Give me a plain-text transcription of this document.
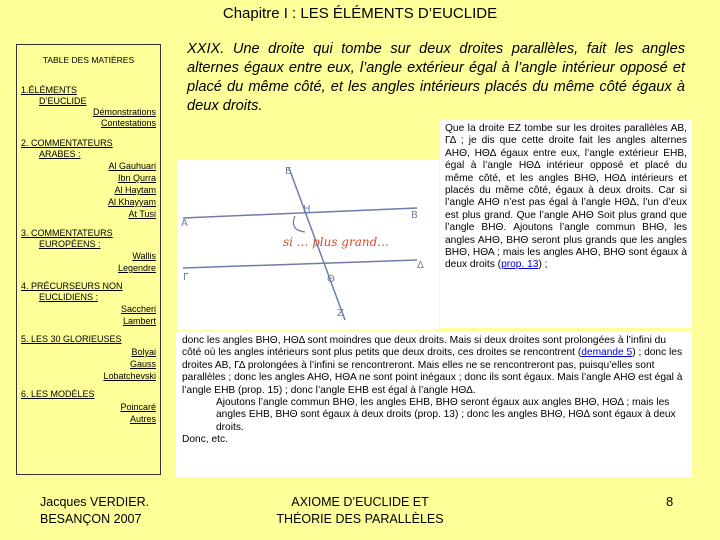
Chapitre I : LES ÉLÉMENTS D’EUCLIDE
TABLE DES MATIÈRES
1.ÉLÉMENTS
D’EUCLIDE
Démonstrations
Contestations
2. COMMENTATEURS
ARABES :
Al Gauhuari
Ibn Qurra
Al Haytam
Al Khayyam
At Tusi
3. COMMENTATEURS
EUROPÉENS :
Wallis
Legendre
4. PRÉCURSEURS NON
EUCLIDIENS :
Saccheri
Lambert
5. LES 30 GLORIEUSES
Bolyai
Gauss
Lobatchevski
6. LES MODÈLES
Poincaré
Autres
XXIX. Une droite qui tombe sur deux droites parallèles, fait les angles alternes égaux entre eux, l’angle extérieur égal à l’angle intérieur opposé et placé du même côté, et les angles intérieurs placés du même côté égaux à deux droits.
si ... plus grand...
A
B
Γ
Δ
E
Z
H
Θ
Que la droite EZ tombe sur les droites parallèles AB, ΓΔ ; je dis que cette droite fait les angles alternes AHΘ, HΘΔ égaux entre eux, l’angle extérieur EHB, égal à l’angle HΘΔ intérieur opposé et placé du même côté, et les angles BHΘ, HΘΔ intérieurs et placés du même côté, égaux à deux droits. Car si l’angle AHΘ n’est pas égal à l’angle HΘΔ, l’un d’eux est plus grand. Que l’angle AHΘ Soit plus grand que l’angle BHΘ. Ajoutons l’angle commun BHΘ, les angles AHΘ, BHΘ seront plus grands que les angles BHΘ, HΘΑ ; mais les angles AHΘ, BHΘ sont égaux à deux droits (prop. 13) ;

donc les angles BHΘ, HΘΔ sont moindres que deux droits. Mais si deux droites sont prolongées à l’infini du côté où les angles intérieurs sont plus petits que deux droits, ces droites se rencontrent (demande 5) ; donc les droites AB, ΓΔ prolongées à l’infini se rencontreront. Mais elles ne se rencontreront pas, puisqu’elles sont parallèles ; donc les angles AHΘ, HΘΑ ne sont point inégaux ; donc ils sont égaux. Mais l’angle AHΘ est égal à l’angle EHB (prop. 15) ; donc l’angle EHB est égal à l’angle HΘΔ.

Ajoutons l’angle commun BHΘ, les angles EHB, BHΘ seront égaux aux angles BHΘ, HΘΔ ; mais les angles EHB, BHΘ sont égaux à deux droits (prop. 13) ; donc les angles BHΘ, HΘΔ sont égaux à deux droits.

Donc, etc.

Jacques VERDIER.
BESANÇON 2007
AXIOME D’EUCLIDE ET
THÉORIE DES PARALLÈLES
8
